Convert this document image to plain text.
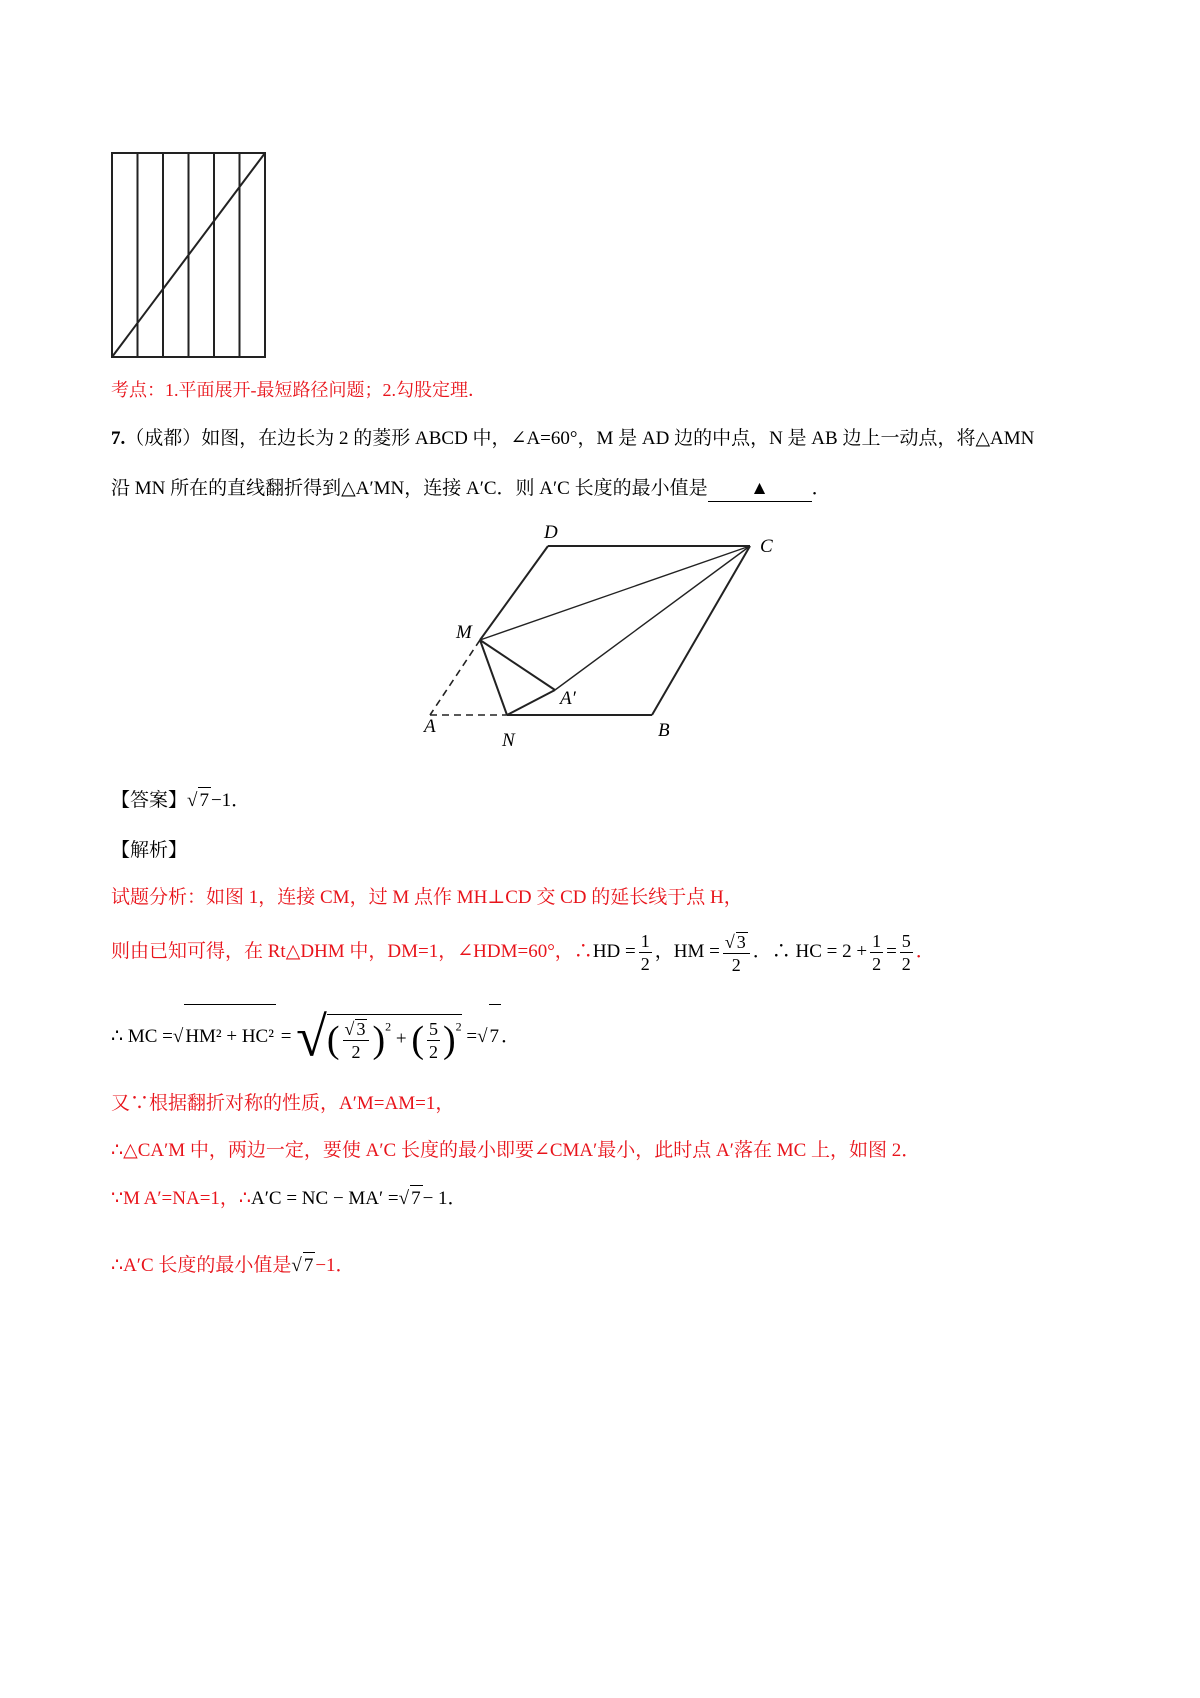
考点：1.平面展开-最短路径问题；2.勾股定理．
7.（成都）如图，在边长为 2 的菱形 ABCD 中，∠A=60°，M 是 AD 边的中点，N 是 AB 边上一动点，将△AMN
沿 MN 所在的直线翻折得到△A′MN，连接 A′C．则 A′C 长度的最小值是 ▲ ．
D
C
M
A′
A
N	B
【答案】√ 7 −1．
【解析】
试题分析：如图 1，连接 CM，过 M 点作 MH⊥CD 交 CD 的延长线于点 H，
则由已知可得，在 Rt△DHM 中，DM=1，∠HDM=60°，∴HD = $\frac{1}{2}$ ，HM = $\frac{√ 3}{2}$ ．∴ HC = $2 + \frac{1}{2} = \frac{5}{2}$ ．
∴ MC =√ HM² + HC² = √( $\frac{√ 3}{2} )^2$ + ( $\frac{5}{2} )^2$ =√ 7 ．
又∵根据翻折对称的性质，A′M=AM=1，
∴△CA′M 中，两边一定，要使 A′C 长度的最小即要∠CMA′最小，此时点 A′落在 MC 上，如图 2．
∵M A′=NA=1，∴A′C = NC − MA′ =√ 7 − 1．
∴A′C 长度的最小值是√ 7 −1．
